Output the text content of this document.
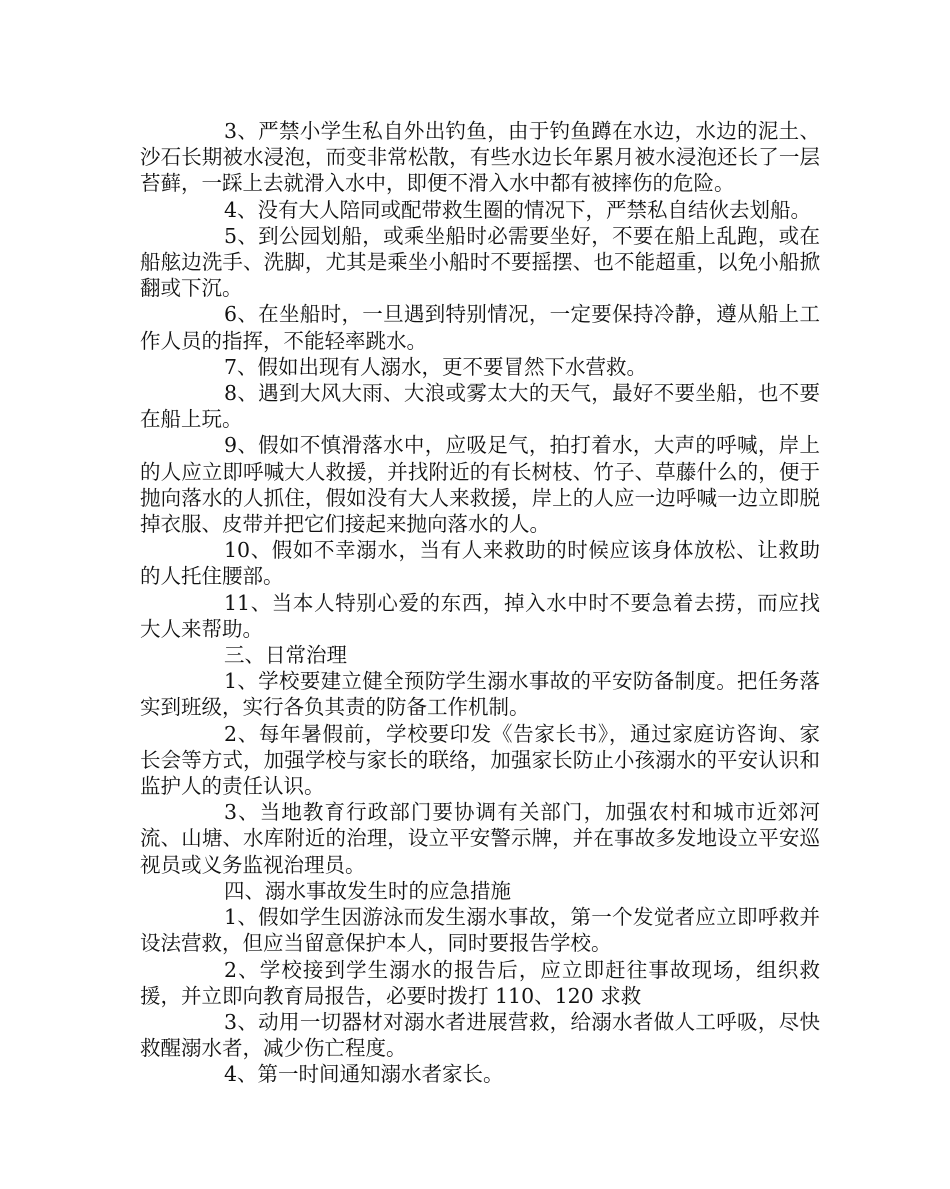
3、严禁小学生私自外出钓鱼，由于钓鱼蹲在水边，水边的泥土、沙石长期被水浸泡，而变非常松散，有些水边长年累月被水浸泡还长了一层苔藓，一踩上去就滑入水中，即便不滑入水中都有被摔伤的危险。

4、没有大人陪同或配带救生圈的情况下，严禁私自结伙去划船。

5、到公园划船，或乘坐船时必需要坐好，不要在船上乱跑，或在船舷边洗手、洗脚，尤其是乘坐小船时不要摇摆、也不能超重，以免小船掀翻或下沉。

6、在坐船时，一旦遇到特别情况，一定要保持冷静，遵从船上工作人员的指挥，不能轻率跳水。

7、假如出现有人溺水，更不要冒然下水营救。

8、遇到大风大雨、大浪或雾太大的天气，最好不要坐船，也不要在船上玩。

9、假如不慎滑落水中，应吸足气，拍打着水，大声的呼喊，岸上的人应立即呼喊大人救援，并找附近的有长树枝、竹子、草藤什么的，便于抛向落水的人抓住，假如没有大人来救援，岸上的人应一边呼喊一边立即脱掉衣服、皮带并把它们接起来抛向落水的人。

10、假如不幸溺水，当有人来救助的时候应该身体放松、让救助的人托住腰部。

11、当本人特别心爱的东西，掉入水中时不要急着去捞，而应找大人来帮助。

三、日常治理

1、学校要建立健全预防学生溺水事故的平安防备制度。把任务落实到班级，实行各负其责的防备工作机制。

2、每年暑假前，学校要印发《告家长书》，通过家庭访咨询、家长会等方式，加强学校与家长的联络，加强家长防止小孩溺水的平安认识和监护人的责任认识。

3、当地教育行政部门要协调有关部门，加强农村和城市近郊河流、山塘、水库附近的治理，设立平安警示牌，并在事故多发地设立平安巡视员或义务监视治理员。

四、溺水事故发生时的应急措施

1、假如学生因游泳而发生溺水事故，第一个发觉者应立即呼救并设法营救，但应当留意保护本人，同时要报告学校。

2、学校接到学生溺水的报告后，应立即赶往事故现场，组织救援，并立即向教育局报告，必要时拨打 110、120 求救

3、动用一切器材对溺水者进展营救，给溺水者做人工呼吸，尽快救醒溺水者，减少伤亡程度。

4、第一时间通知溺水者家长。
